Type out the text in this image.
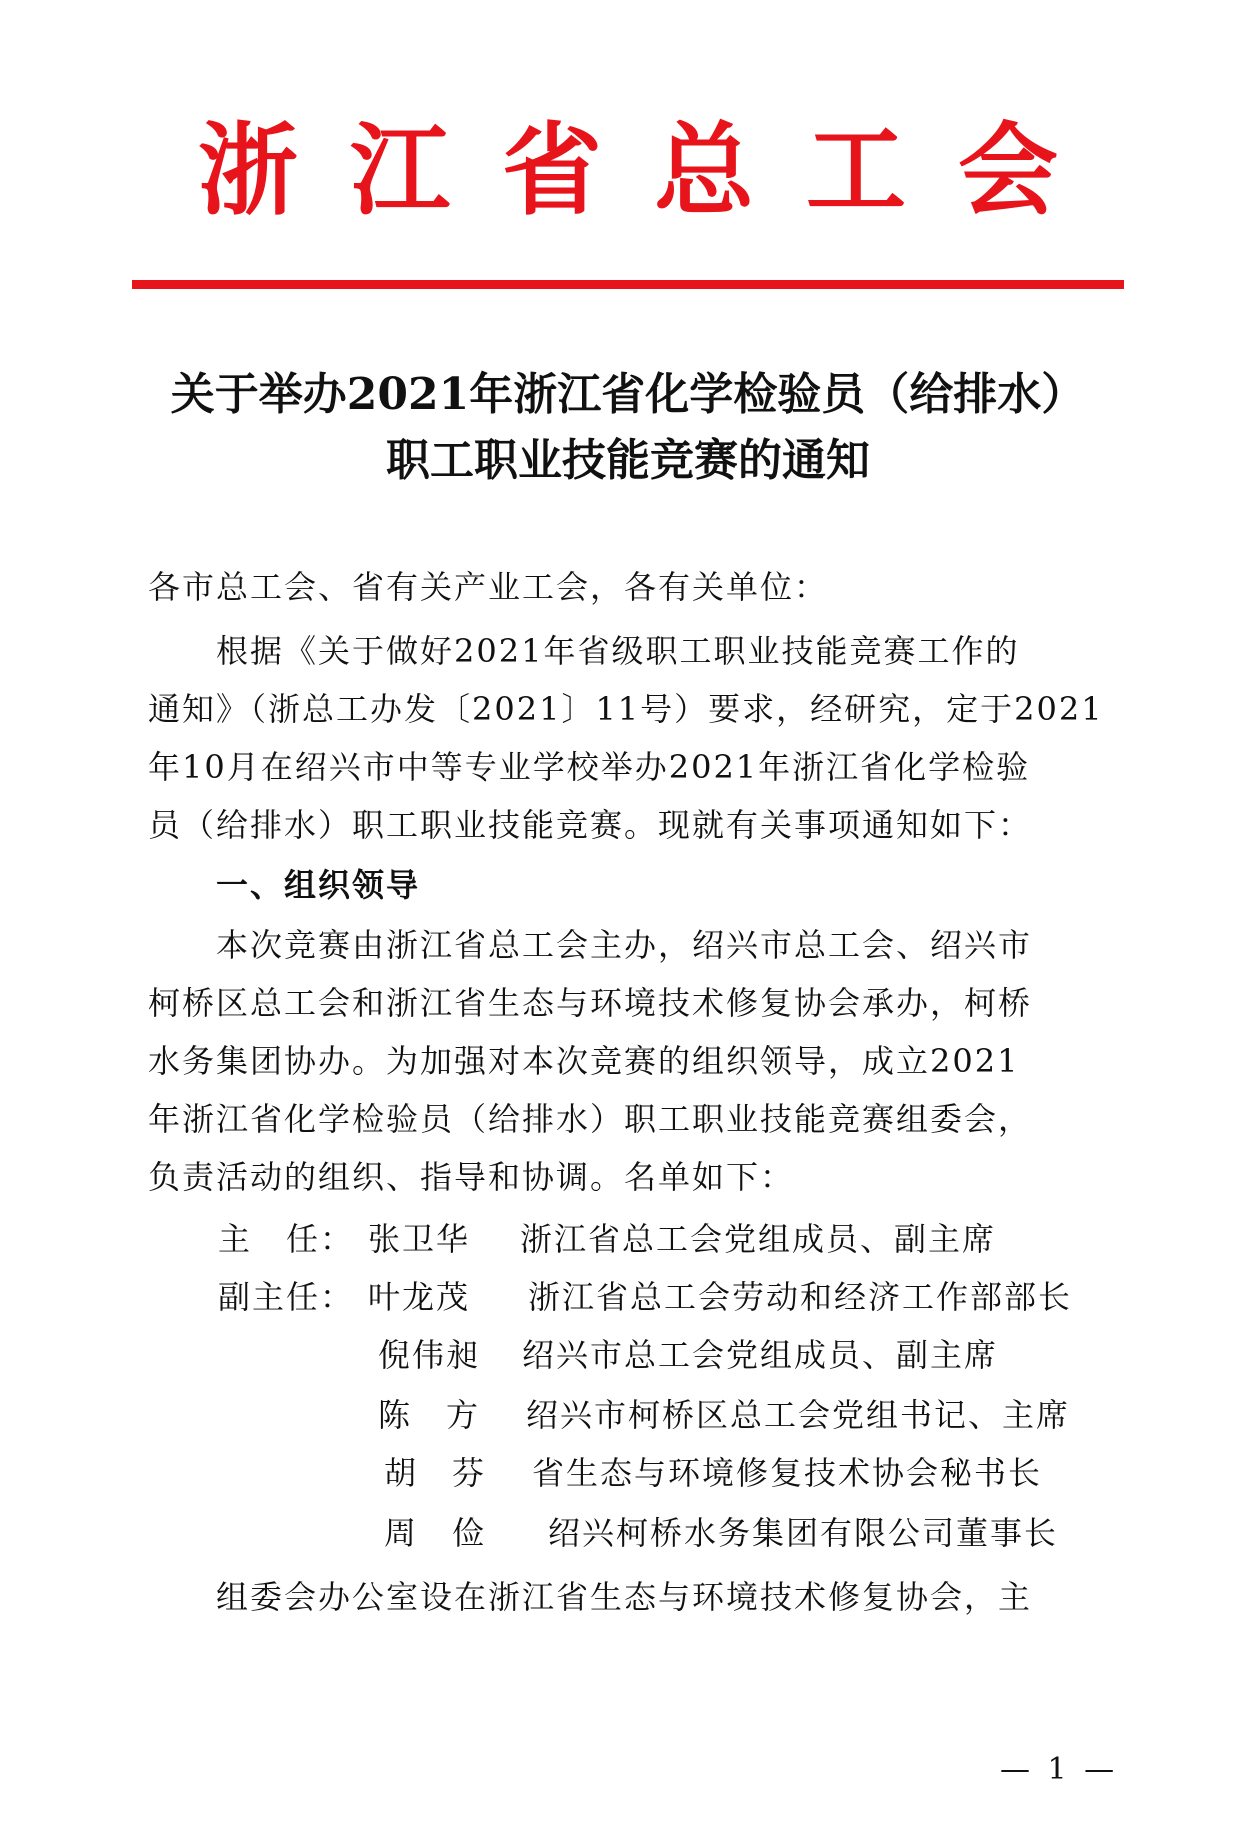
浙江省总工会
关于举办2021年浙江省化学检验员（给排水）
职工职业技能竞赛的通知
各市总工会、省有关产业工会，各有关单位：
　　根据《关于做好2021年省级职工职业技能竞赛工作的
通知》（浙总工办发〔2021〕11号）要求，经研究，定于2021
年10月在绍兴市中等专业学校举办2021年浙江省化学检验
员（给排水）职工职业技能竞赛。现就有关事项通知如下：
　　一、组织领导
　　本次竞赛由浙江省总工会主办，绍兴市总工会、绍兴市
柯桥区总工会和浙江省生态与环境技术修复协会承办，柯桥
水务集团协办。为加强对本次竞赛的组织领导，成立2021
年浙江省化学检验员（给排水）职工职业技能竞赛组委会，
负责活动的组织、指导和协调。名单如下：
主　任： 张卫华 浙江省总工会党组成员、副主席
副主任： 叶龙茂 浙江省总工会劳动和经济工作部部长
倪伟昶 绍兴市总工会党组成员、副主席
陈　方 绍兴市柯桥区总工会党组书记、主席
胡　芬 省生态与环境修复技术协会秘书长
周　俭 绍兴柯桥水务集团有限公司董事长
　　组委会办公室设在浙江省生态与环境技术修复协会，主
— 1 —
